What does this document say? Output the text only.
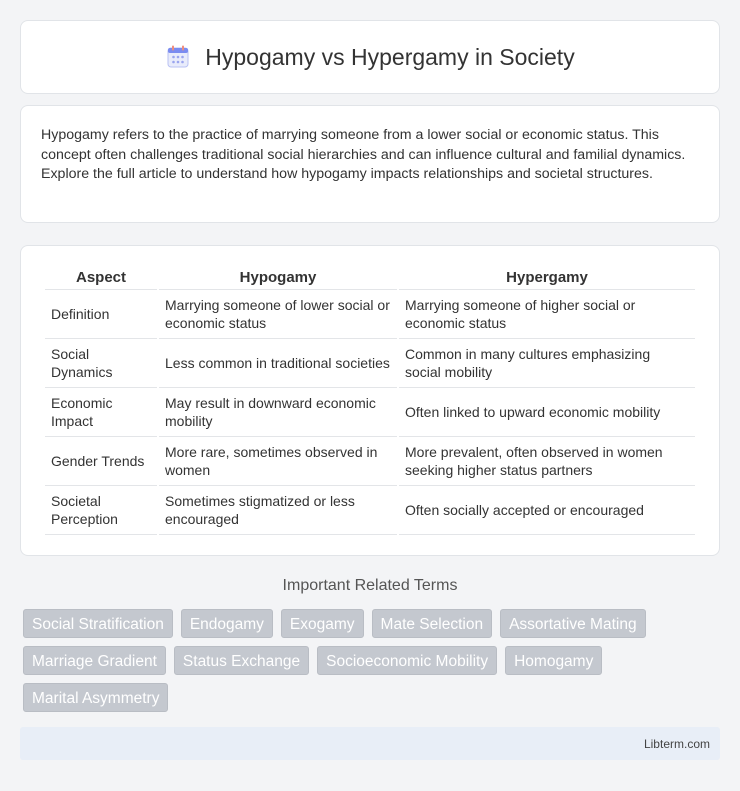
Hypogamy vs Hypergamy in Society

Hypogamy refers to the practice of marrying someone from a lower social or economic status. This concept often challenges traditional social hierarchies and can influence cultural and familial dynamics. Explore the full article to understand how hypogamy impacts relationships and societal structures.

Aspect	Hypogamy	Hypergamy
Definition	Marrying someone of lower social or economic status	Marrying someone of higher social or economic status
Social Dynamics	Less common in traditional societies	Common in many cultures emphasizing social mobility
Economic Impact	May result in downward economic mobility	Often linked to upward economic mobility
Gender Trends	More rare, sometimes observed in women	More prevalent, often observed in women seeking higher status partners
Societal Perception	Sometimes stigmatized or less encouraged	Often socially accepted or encouraged
Important Related Terms
Social Stratification	Endogamy	Exogamy	Mate Selection	Assortative Mating
Marriage Gradient	Status Exchange	Socioeconomic Mobility	Homogamy
Marital Asymmetry
Libterm.com
